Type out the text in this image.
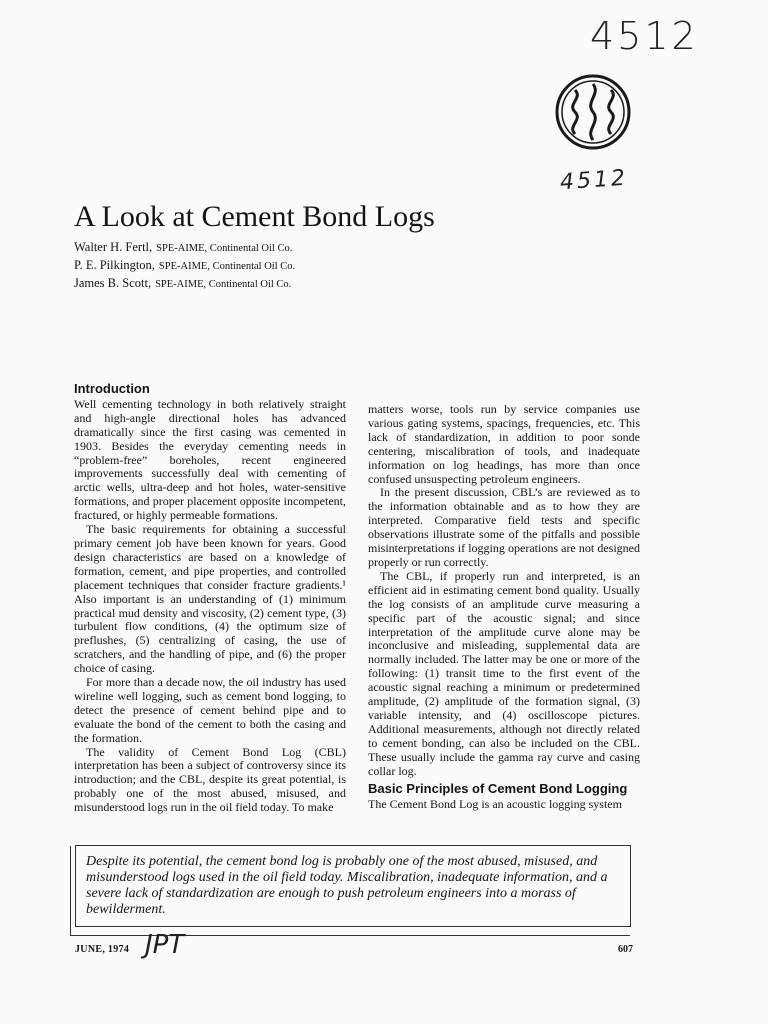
4512
4512
A Look at Cement Bond Logs
Walter H. Fertl, SPE-AIME, Continental Oil Co.
P. E. Pilkington, SPE-AIME, Continental Oil Co.
James B. Scott, SPE-AIME, Continental Oil Co.
Introduction

Well cementing technology in both relatively straight and high-angle directional holes has advanced dramatically since the first casing was cemented in 1903. Besides the everyday cementing needs in “problem-free” boreholes, recent engineered improvements successfully deal with cementing of arctic wells, ultra-deep and hot holes, water-sensitive formations, and proper placement opposite incompetent, fractured, or highly permeable formations.

The basic requirements for obtaining a successful primary cement job have been known for years. Good design characteristics are based on a knowledge of formation, cement, and pipe properties, and controlled placement techniques that consider fracture gradients.¹ Also important is an understanding of (1) minimum practical mud density and viscosity, (2) cement type, (3) turbulent flow conditions, (4) the optimum size of preflushes, (5) centralizing of casing, the use of scratchers, and the handling of pipe, and (6) the proper choice of casing.

For more than a decade now, the oil industry has used wireline well logging, such as cement bond logging, to detect the presence of cement behind pipe and to evaluate the bond of the cement to both the casing and the formation.

The validity of Cement Bond Log (CBL) interpretation has been a subject of controversy since its introduction; and the CBL, despite its great potential, is probably one of the most abused, misused, and misunderstood logs run in the oil field today. To make

matters worse, tools run by service companies use various gating systems, spacings, frequencies, etc. This lack of standardization, in addition to poor sonde centering, miscalibration of tools, and inadequate information on log headings, has more than once confused unsuspecting petroleum engineers.

In the present discussion, CBL’s are reviewed as to the information obtainable and as to how they are interpreted. Comparative field tests and specific observations illustrate some of the pitfalls and possible misinterpretations if logging operations are not designed properly or run correctly.

The CBL, if properly run and interpreted, is an efficient aid in estimating cement bond quality. Usually the log consists of an amplitude curve measuring a specific part of the acoustic signal; and since interpretation of the amplitude curve alone may be inconclusive and misleading, supplemental data are normally included. The latter may be one or more of the following: (1) transit time to the first event of the acoustic signal reaching a minimum or predetermined amplitude, (2) amplitude of the formation signal, (3) variable intensity, and (4) oscilloscope pictures. Additional measurements, although not directly related to cement bonding, can also be included on the CBL. These usually include the gamma ray curve and casing collar log.

Basic Principles of Cement Bond Logging

The Cement Bond Log is an acoustic logging system

Despite its potential, the cement bond log is probably one of the most abused, misused, and misunderstood logs used in the oil field today. Miscalibration, inadequate information, and a severe lack of standardization are enough to push petroleum engineers into a morass of bewilderment.
JUNE, 1974 JPT	607
